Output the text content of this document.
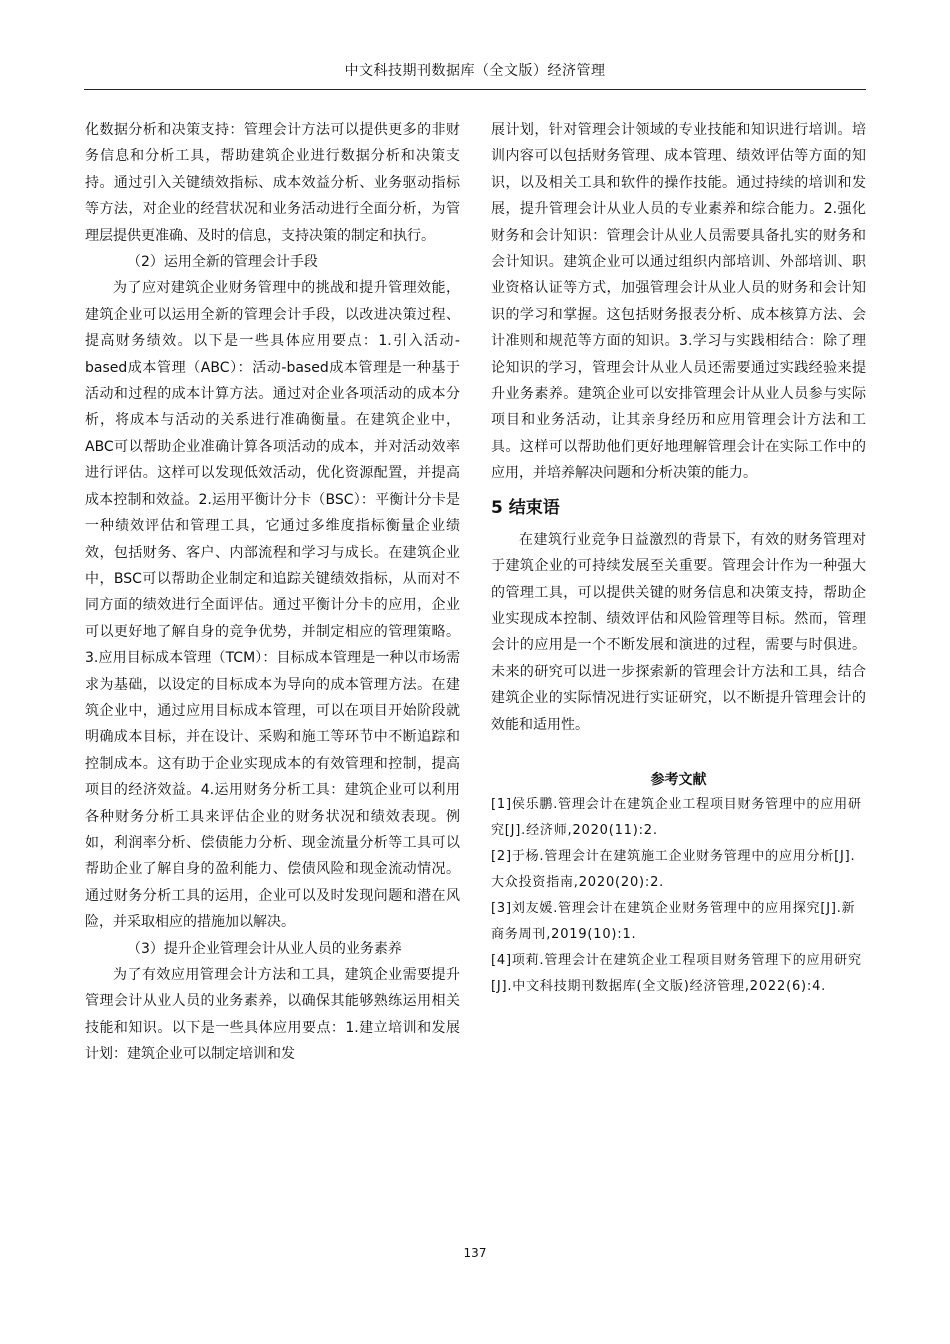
中文科技期刊数据库（全文版）经济管理

化数据分析和决策支持：管理会计方法可以提供更多的非财务信息和分析工具，帮助建筑企业进行数据分析和决策支持。通过引入关键绩效指标、成本效益分析、业务驱动指标等方法，对企业的经营状况和业务活动进行全面分析，为管理层提供更准确、及时的信息，支持决策的制定和执行。

（2）运用全新的管理会计手段

为了应对建筑企业财务管理中的挑战和提升管理效能，建筑企业可以运用全新的管理会计手段，以改进决策过程、提高财务绩效。以下是一些具体应用要点：1.引入活动-based成本管理（ABC）：活动-based成本管理是一种基于活动和过程的成本计算方法。通过对企业各项活动的成本分析，将成本与活动的关系进行准确衡量。在建筑企业中，ABC可以帮助企业准确计算各项活动的成本，并对活动效率进行评估。这样可以发现低效活动，优化资源配置，并提高成本控制和效益。2.运用平衡计分卡（BSC）：平衡计分卡是一种绩效评估和管理工具，它通过多维度指标衡量企业绩效，包括财务、客户、内部流程和学习与成长。在建筑企业中，BSC可以帮助企业制定和追踪关键绩效指标，从而对不同方面的绩效进行全面评估。通过平衡计分卡的应用，企业可以更好地了解自身的竞争优势，并制定相应的管理策略。3.应用目标成本管理（TCM）：目标成本管理是一种以市场需求为基础，以设定的目标成本为导向的成本管理方法。在建筑企业中，通过应用目标成本管理，可以在项目开始阶段就明确成本目标，并在设计、采购和施工等环节中不断追踪和控制成本。这有助于企业实现成本的有效管理和控制，提高项目的经济效益。4.运用财务分析工具：建筑企业可以利用各种财务分析工具来评估企业的财务状况和绩效表现。例如，利润率分析、偿债能力分析、现金流量分析等工具可以帮助企业了解自身的盈利能力、偿债风险和现金流动情况。通过财务分析工具的运用，企业可以及时发现问题和潜在风险，并采取相应的措施加以解决。

（3）提升企业管理会计从业人员的业务素养

为了有效应用管理会计方法和工具，建筑企业需要提升管理会计从业人员的业务素养，以确保其能够熟练运用相关技能和知识。以下是一些具体应用要点：1.建立培训和发展计划：建筑企业可以制定培训和发

展计划，针对管理会计领域的专业技能和知识进行培训。培训内容可以包括财务管理、成本管理、绩效评估等方面的知识，以及相关工具和软件的操作技能。通过持续的培训和发展，提升管理会计从业人员的专业素养和综合能力。2.强化财务和会计知识：管理会计从业人员需要具备扎实的财务和会计知识。建筑企业可以通过组织内部培训、外部培训、职业资格认证等方式，加强管理会计从业人员的财务和会计知识的学习和掌握。这包括财务报表分析、成本核算方法、会计准则和规范等方面的知识。3.学习与实践相结合：除了理论知识的学习，管理会计从业人员还需要通过实践经验来提升业务素养。建筑企业可以安排管理会计从业人员参与实际项目和业务活动，让其亲身经历和应用管理会计方法和工具。这样可以帮助他们更好地理解管理会计在实际工作中的应用，并培养解决问题和分析决策的能力。

5 结束语

在建筑行业竞争日益激烈的背景下，有效的财务管理对于建筑企业的可持续发展至关重要。管理会计作为一种强大的管理工具，可以提供关键的财务信息和决策支持，帮助企业实现成本控制、绩效评估和风险管理等目标。然而，管理会计的应用是一个不断发展和演进的过程，需要与时俱进。未来的研究可以进一步探索新的管理会计方法和工具，结合建筑企业的实际情况进行实证研究，以不断提升管理会计的效能和适用性。

参考文献

[1]侯乐鹏.管理会计在建筑企业工程项目财务管理中的应用研究[J].经济师,2020(11):2.

[2]于杨.管理会计在建筑施工企业财务管理中的应用分析[J].大众投资指南,2020(20):2.

[3]刘友媛.管理会计在建筑企业财务管理中的应用探究[J].新商务周刊,2019(10):1.

[4]项莉.管理会计在建筑企业工程项目财务管理下的应用研究[J].中文科技期刊数据库(全文版)经济管理,2022(6):4.

137
